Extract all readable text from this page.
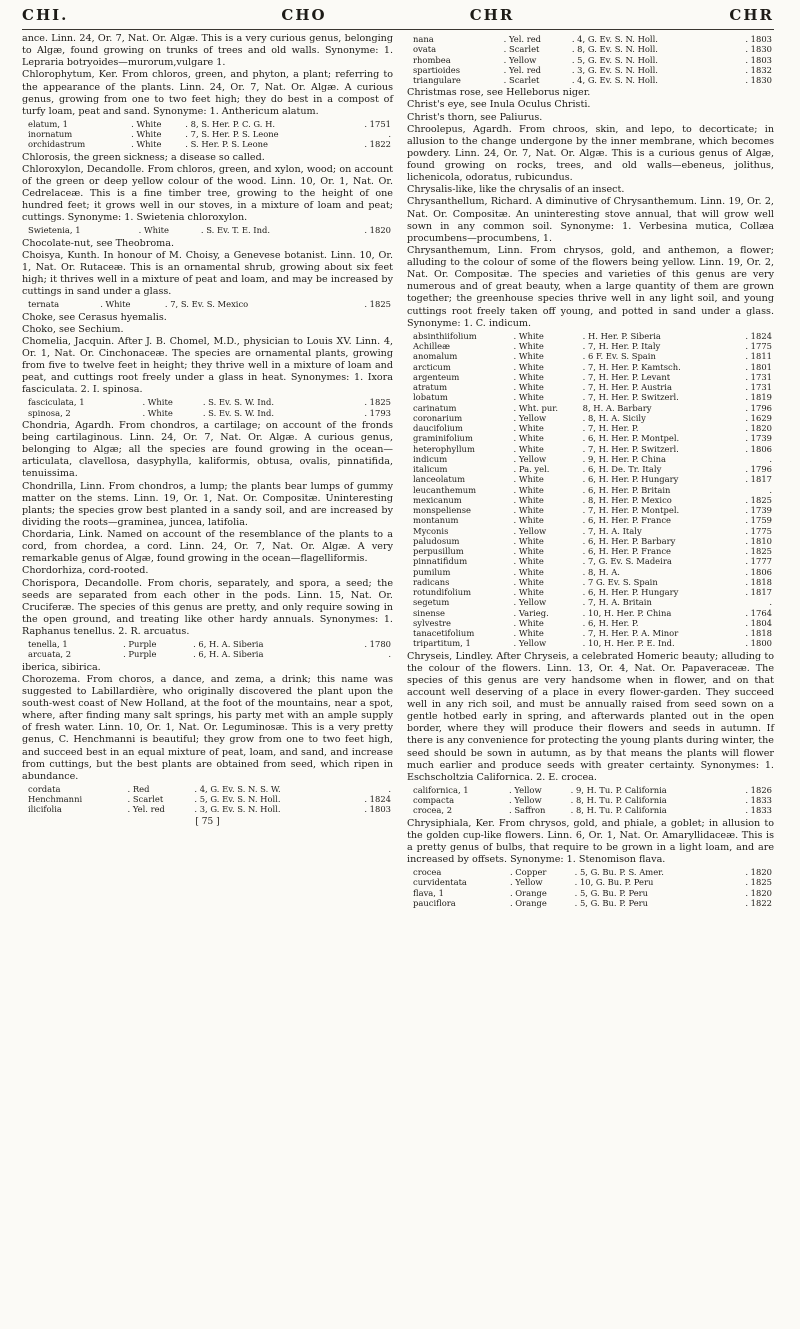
CHI.	CHO	CHR	CHR

ance. Linn. 24, Or. 7, Nat. Or. Algæ. This is a very curious genus, belonging to Algæ, found growing on trunks of trees and old walls. Synonyme: 1. Lepraria botryoides—murorum,vulgare 1.

Chlorophytum, Ker. From chloros, green, and phyton, a plant; referring to the appearance of the plants. Linn. 24, Or. 7, Nat. Or. Algæ. A curious genus, growing from one to two feet high; they do best in a compost of turfy loam, peat and sand. Synonyme: 1. Anthericum alatum.

elatum, 1	. White	. 8, S. Her. P. C. G. H.	. 1751
inornatum	. White	. 7, S. Her. P. S. Leone	.
orchidastrum	. White	. S. Her. P. S. Leone	. 1822

Chlorosis, the green sickness; a disease so called.

Chloroxylon, Decandolle. From chloros, green, and xylon, wood; on account of the green or deep yellow colour of the wood. Linn. 10, Or. 1, Nat. Or. Cedrelaceæ. This is a fine timber tree, growing to the height of one hundred feet; it grows well in our stoves, in a mixture of loam and peat; cuttings. Synonyme: 1. Swietenia chloroxylon.

Swietenia, 1	. White	. S. Ev. T. E. Ind.	. 1820

Chocolate-nut, see Theobroma.

Choisya, Kunth. In honour of M. Choisy, a Genevese botanist. Linn. 10, Or. 1, Nat. Or. Rutaceæ. This is an ornamental shrub, growing about six feet high; it thrives well in a mixture of peat and loam, and may be increased by cuttings in sand under a glass.

ternata	. White	. 7, S. Ev. S. Mexico	. 1825

Choke, see Cerasus hyemalis.

Choko, see Sechium.

Chomelia, Jacquin. After J. B. Chomel, M.D., physician to Louis XV. Linn. 4, Or. 1, Nat. Or. Cinchonaceæ. The species are ornamental plants, growing from five to twelve feet in height; they thrive well in a mixture of loam and peat, and cuttings root freely under a glass in heat. Synonymes: 1. Ixora fasciculata. 2. I. spinosa.

fasciculata, 1	. White	. S. Ev. S. W. Ind.	. 1825
spinosa, 2	. White	. S. Ev. S. W. Ind.	. 1793

Chondria, Agardh. From chondros, a cartilage; on account of the fronds being cartilaginous. Linn. 24, Or. 7, Nat. Or. Algæ. A curious genus, belonging to Algæ; all the species are found growing in the ocean—articulata, clavellosa, dasyphylla, kaliformis, obtusa, ovalis, pinnatifida, tenuissima.

Chondrilla, Linn. From chondros, a lump; the plants bear lumps of gummy matter on the stems. Linn. 19, Or. 1, Nat. Or. Compositæ. Uninteresting plants; the species grow best planted in a sandy soil, and are increased by dividing the roots—graminea, juncea, latifolia.

Chordaria, Link. Named on account of the resemblance of the plants to a cord, from chordea, a cord. Linn. 24, Or. 7, Nat. Or. Algæ. A very remarkable genus of Algæ, found growing in the ocean—flagelliformis.

Chordorhiza, cord-rooted.

Chorispora, Decandolle. From choris, separately, and spora, a seed; the seeds are separated from each other in the pods. Linn. 15, Nat. Or. Cruciferæ. The species of this genus are pretty, and only require sowing in the open ground, and treating like other hardy annuals. Synonymes: 1. Raphanus tenellus. 2. R. arcuatus.

tenella, 1	. Purple	. 6, H. A. Siberia	. 1780
arcuata, 2	. Purple	. 6, H. A. Siberia	.

iberica, sibirica.

Chorozema. From choros, a dance, and zema, a drink; this name was suggested to Labillardière, who originally discovered the plant upon the south-west coast of New Holland, at the foot of the mountains, near a spot, where, after finding many salt springs, his party met with an ample supply of fresh water. Linn. 10, Or. 1, Nat. Or. Leguminosæ. This is a very pretty genus, C. Henchmanni is beautiful; they grow from one to two feet high, and succeed best in an equal mixture of peat, loam, and sand, and increase from cuttings, but the best plants are obtained from seed, which ripen in abundance.

cordata	. Red	. 4, G. Ev. S. N. S. W.	.
Henchmanni	. Scarlet	. 5, G. Ev. S. N. Holl.	. 1824
ilicifolia	. Yel. red	. 3, G. Ev. S. N. Holl.	. 1803
[ 75 ]
nana	. Yel. red	. 4, G. Ev. S. N. Holl.	. 1803
ovata	. Scarlet	. 8, G. Ev. S. N. Holl.	. 1830
rhombea	. Yellow	. 5, G. Ev. S. N. Holl.	. 1803
spartioides	. Yel. red	. 3, G. Ev. S. N. Holl.	. 1832
triangulare	. Scarlet	. 4, G. Ev. S. N. Holl.	. 1830

Christmas rose, see Helleborus niger.

Christ's eye, see Inula Oculus Christi.

Christ's thorn, see Paliurus.

Chroolepus, Agardh. From chroos, skin, and lepo, to decorticate; in allusion to the change undergone by the inner membrane, which becomes powdery. Linn. 24, Or. 7, Nat. Or. Algæ. This is a curious genus of Algæ, found growing on rocks, trees, and old walls—ebeneus, jolithus, lichenicola, odoratus, rubicundus.

Chrysalis-like, like the chrysalis of an insect.

Chrysanthellum, Richard. A diminutive of Chrysanthemum. Linn. 19, Or. 2, Nat. Or. Compositæ. An uninteresting stove annual, that will grow well sown in any common soil. Synonyme: 1. Verbesina mutica, Collæa procumbens—procumbens, 1.

Chrysanthemum, Linn. From chrysos, gold, and anthemon, a flower; alluding to the colour of some of the flowers being yellow. Linn. 19, Or. 2, Nat. Or. Compositæ. The species and varieties of this genus are very numerous and of great beauty, when a large quantity of them are grown together; the greenhouse species thrive well in any light soil, and young cuttings root freely taken off young, and potted in sand under a glass. Synonyme: 1. C. indicum.

absinthiifolium	. White	. H. Her. P. Siberia	. 1824
Achilleæ	. White	. 7, H. Her. P. Italy	. 1775
anomalum	. White	. 6 F. Ev. S. Spain	. 1811
arcticum	. White	. 7, H. Her. P. Kamtsch.	. 1801
argenteum	. White	. 7, H. Her. P. Levant	. 1731
atratum	. White	. 7, H. Her. P. Austria	. 1731
lobatum	. White	. 7, H. Her. P. Switzerl.	. 1819
carinatum	. Wht. pur.	8, H. A. Barbary	. 1796
coronarium	. Yellow	. 8, H. A. Sicily	. 1629
daucifolium	. White	. 7, H. Her. P.	. 1820
graminifolium	. White	. 6, H. Her. P. Montpel.	. 1739
heterophyllum	. White	. 7, H. Her. P. Switzerl.	. 1806
indicum	. Yellow	. 9, H. Her. P. China	.
italicum	. Pa. yel.	. 6, H. De. Tr. Italy	. 1796
lanceolatum	. White	. 6, H. Her. P. Hungary	. 1817
leucanthemum	. White	. 6, H. Her. P. Britain	.
mexicanum	. White	. 8, H. Her. P. Mexico	. 1825
monspeliense	. White	. 7, H. Her. P. Montpel.	. 1739
montanum	. White	. 6, H. Her. P. France	. 1759
Myconis	. Yellow	. 7, H. A. Italy	. 1775
paludosum	. White	. 6, H. Her. P. Barbary	. 1810
perpusillum	. White	. 6, H. Her. P. France	. 1825
pinnatifidum	. White	. 7, G. Ev. S. Madeira	. 1777
pumilum	. White	. 8, H. A.	. 1806
radicans	. White	. 7 G. Ev. S. Spain	. 1818
rotundifolium	. White	. 6, H. Her. P. Hungary	. 1817
segetum	. Yellow	. 7, H. A. Britain	.
sinense	. Varieg.	. 10, H. Her. P. China	. 1764
sylvestre	. White	. 6, H. Her. P.	. 1804
tanacetifolium	. White	. 7, H. Her. P. A. Minor	. 1818
tripartitum, 1	. Yellow	. 10, H. Her. P. E. Ind.	. 1800

Chryseis, Lindley. After Chryseis, a celebrated Homeric beauty; alluding to the colour of the flowers. Linn. 13, Or. 4, Nat. Or. Papaveraceæ. The species of this genus are very handsome when in flower, and on that account well deserving of a place in every flower-garden. They succeed well in any rich soil, and must be annually raised from seed sown on a gentle hotbed early in spring, and afterwards planted out in the open border, where they will produce their flowers and seeds in autumn. If there is any convenience for protecting the young plants during winter, the seed should be sown in autumn, as by that means the plants will flower much earlier and produce seeds with greater certainty. Synonymes: 1. Eschscholtzia Californica. 2. E. crocea.

californica, 1	. Yellow	. 9, H. Tu. P. California	. 1826
compacta	. Yellow	. 8, H. Tu. P. California	. 1833
crocea, 2	. Saffron	. 8, H. Tu. P. California	. 1833

Chrysiphiala, Ker. From chrysos, gold, and phiale, a goblet; in allusion to the golden cup-like flowers. Linn. 6, Or. 1, Nat. Or. Amaryllidaceæ. This is a pretty genus of bulbs, that require to be grown in a light loam, and are increased by offsets. Synonyme: 1. Stenomison flava.

crocea	. Copper	. 5, G. Bu. P. S. Amer.	. 1820
curvidentata	. Yellow	. 10, G. Bu. P. Peru	. 1825
flava, 1	. Orange	. 5, G. Bu. P. Peru	. 1820
pauciflora	. Orange	. 5, G. Bu. P. Peru	. 1822
